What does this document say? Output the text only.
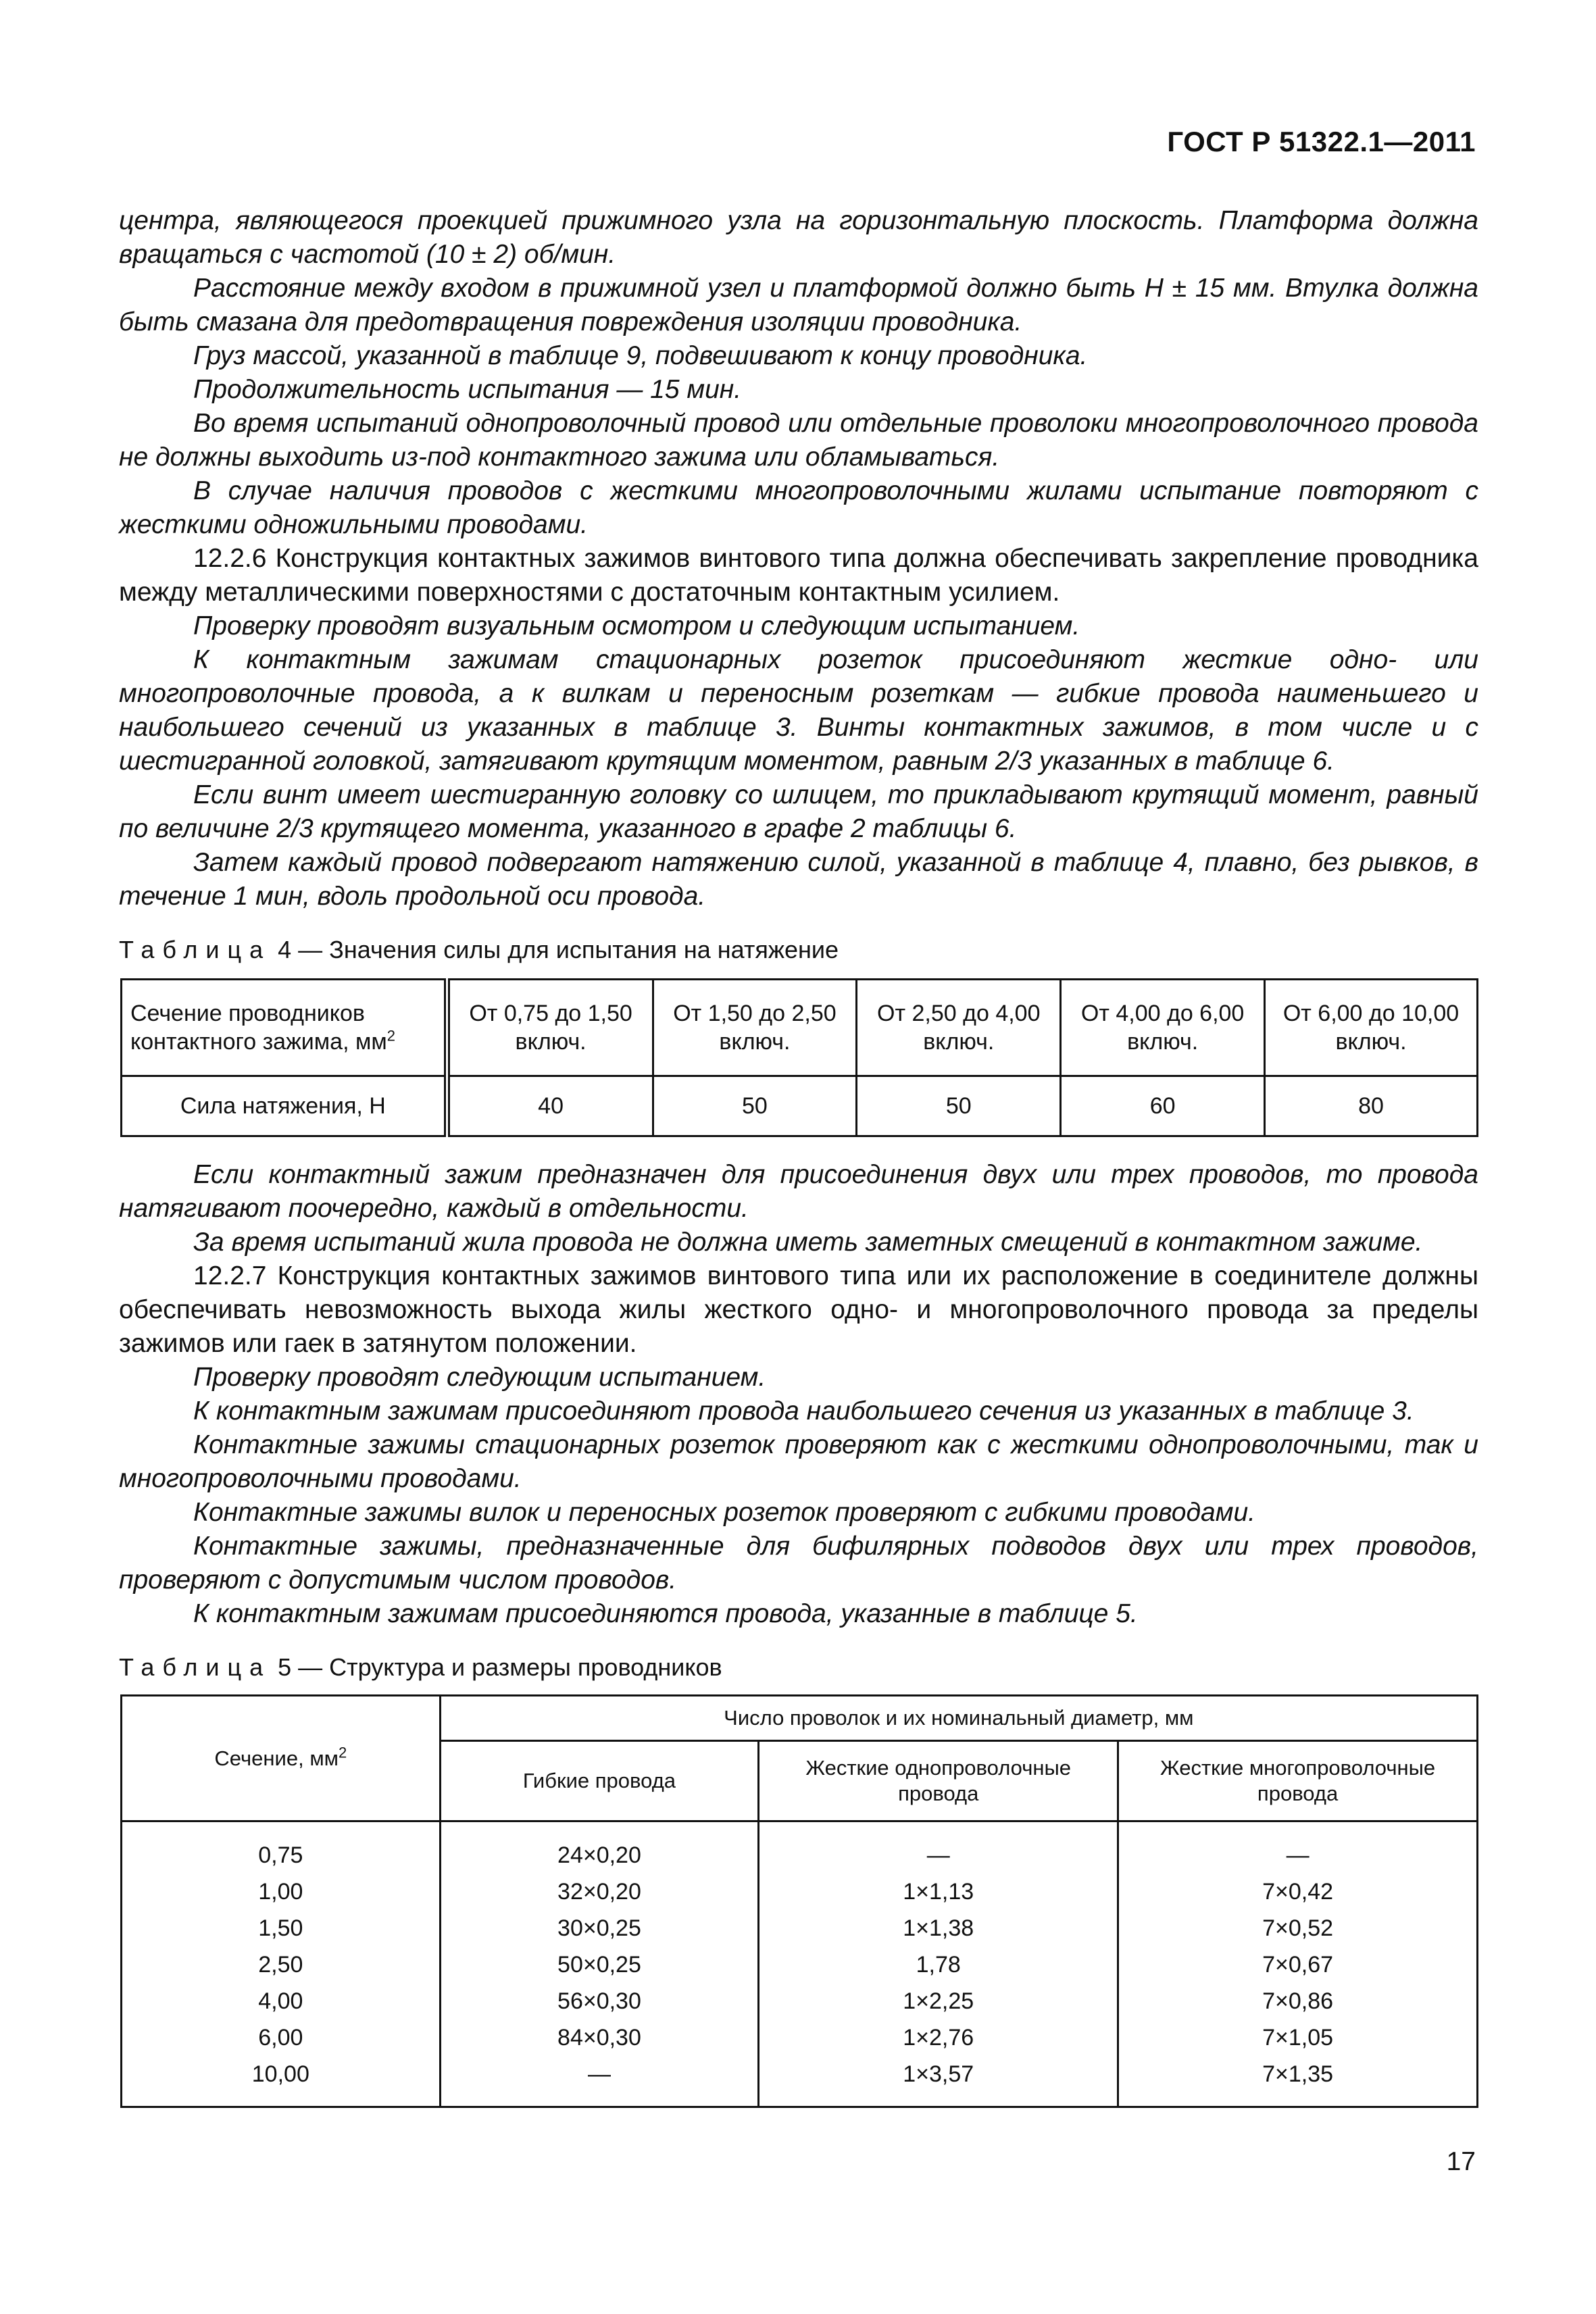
ГОСТ Р 51322.1—2011

центра, являющегося проекцией прижимного узла на горизонтальную плоскость. Платформа должна вращаться с частотой (10 ± 2) об/мин.

Расстояние между входом в прижимной узел и платформой должно быть H ± 15 мм. Втулка должна быть смазана для предотвращения повреждения изоляции проводника.

Груз массой, указанной в таблице 9, подвешивают к концу проводника.

Продолжительность испытания — 15 мин.

Во время испытаний однопроволочный провод или отдельные проволоки многопроволочного провода не должны выходить из-под контактного зажима или обламываться.

В случае наличия проводов с жесткими многопроволочными жилами испытание повторяют с жесткими одножильными проводами.

12.2.6 Конструкция контактных зажимов винтового типа должна обеспечивать закрепление проводника между металлическими поверхностями с достаточным контактным усилием.

Проверку проводят визуальным осмотром и следующим испытанием.

К контактным зажимам стационарных розеток присоединяют жесткие одно- или многопроволочные провода, а к вилкам и переносным розеткам — гибкие провода наименьшего и наибольшего сечений из указанных в таблице 3. Винты контактных зажимов, в том числе и с шестигранной головкой, затягивают крутящим моментом, равным 2/3 указанных в таблице 6.

Если винт имеет шестигранную головку со шлицем, то прикладывают крутящий момент, равный по величине 2/3 крутящего момента, указанного в графе 2 таблицы 6.

Затем каждый провод подвергают натяжению силой, указанной в таблице 4, плавно, без рывков, в течение 1 мин, вдоль продольной оси провода.

Таблица 4 — Значения силы для испытания на натяжение
Сечение проводников контактного зажима, $мм^2$	От 0,75 до 1,50 включ.	От 1,50 до 2,50 включ.	От 2,50 до 4,00 включ.	От 4,00 до 6,00 включ.	От 6,00 до 10,00 включ.
Сила натяжения, Н	40	50	50	60	80

Если контактный зажим предназначен для присоединения двух или трех проводов, то провода натягивают поочередно, каждый в отдельности.

За время испытаний жила провода не должна иметь заметных смещений в контактном зажиме.

12.2.7 Конструкция контактных зажимов винтового типа или их расположение в соединителе должны обеспечивать невозможность выхода жилы жесткого одно- и многопроволочного провода за пределы зажимов или гаек в затянутом положении.

Проверку проводят следующим испытанием.

К контактным зажимам присоединяют провода наибольшего сечения из указанных в таблице 3.

Контактные зажимы стационарных розеток проверяют как с жесткими однопроволочными, так и многопроволочными проводами.

Контактные зажимы вилок и переносных розеток проверяют с гибкими проводами.

Контактные зажимы, предназначенные для бифилярных подводов двух или трех проводов, проверяют с допустимым числом проводов.

К контактным зажимам присоединяются провода, указанные в таблице 5.

Таблица 5 — Структура и размеры проводников
Сечение, $мм^2$	Число проволок и их номинальный диаметр, мм		
	Гибкие провода	Жесткие однопроволочные провода	Жесткие многопроволочные провода
0,75	24×0,20	—	—
1,00	32×0,20	1×1,13	7×0,42
1,50	30×0,25	1×1,38	7×0,52
2,50	50×0,25	1,78	7×0,67
4,00	56×0,30	1×2,25	7×0,86
6,00	84×0,30	1×2,76	7×1,05
10,00	—	1×3,57	7×1,35
17
